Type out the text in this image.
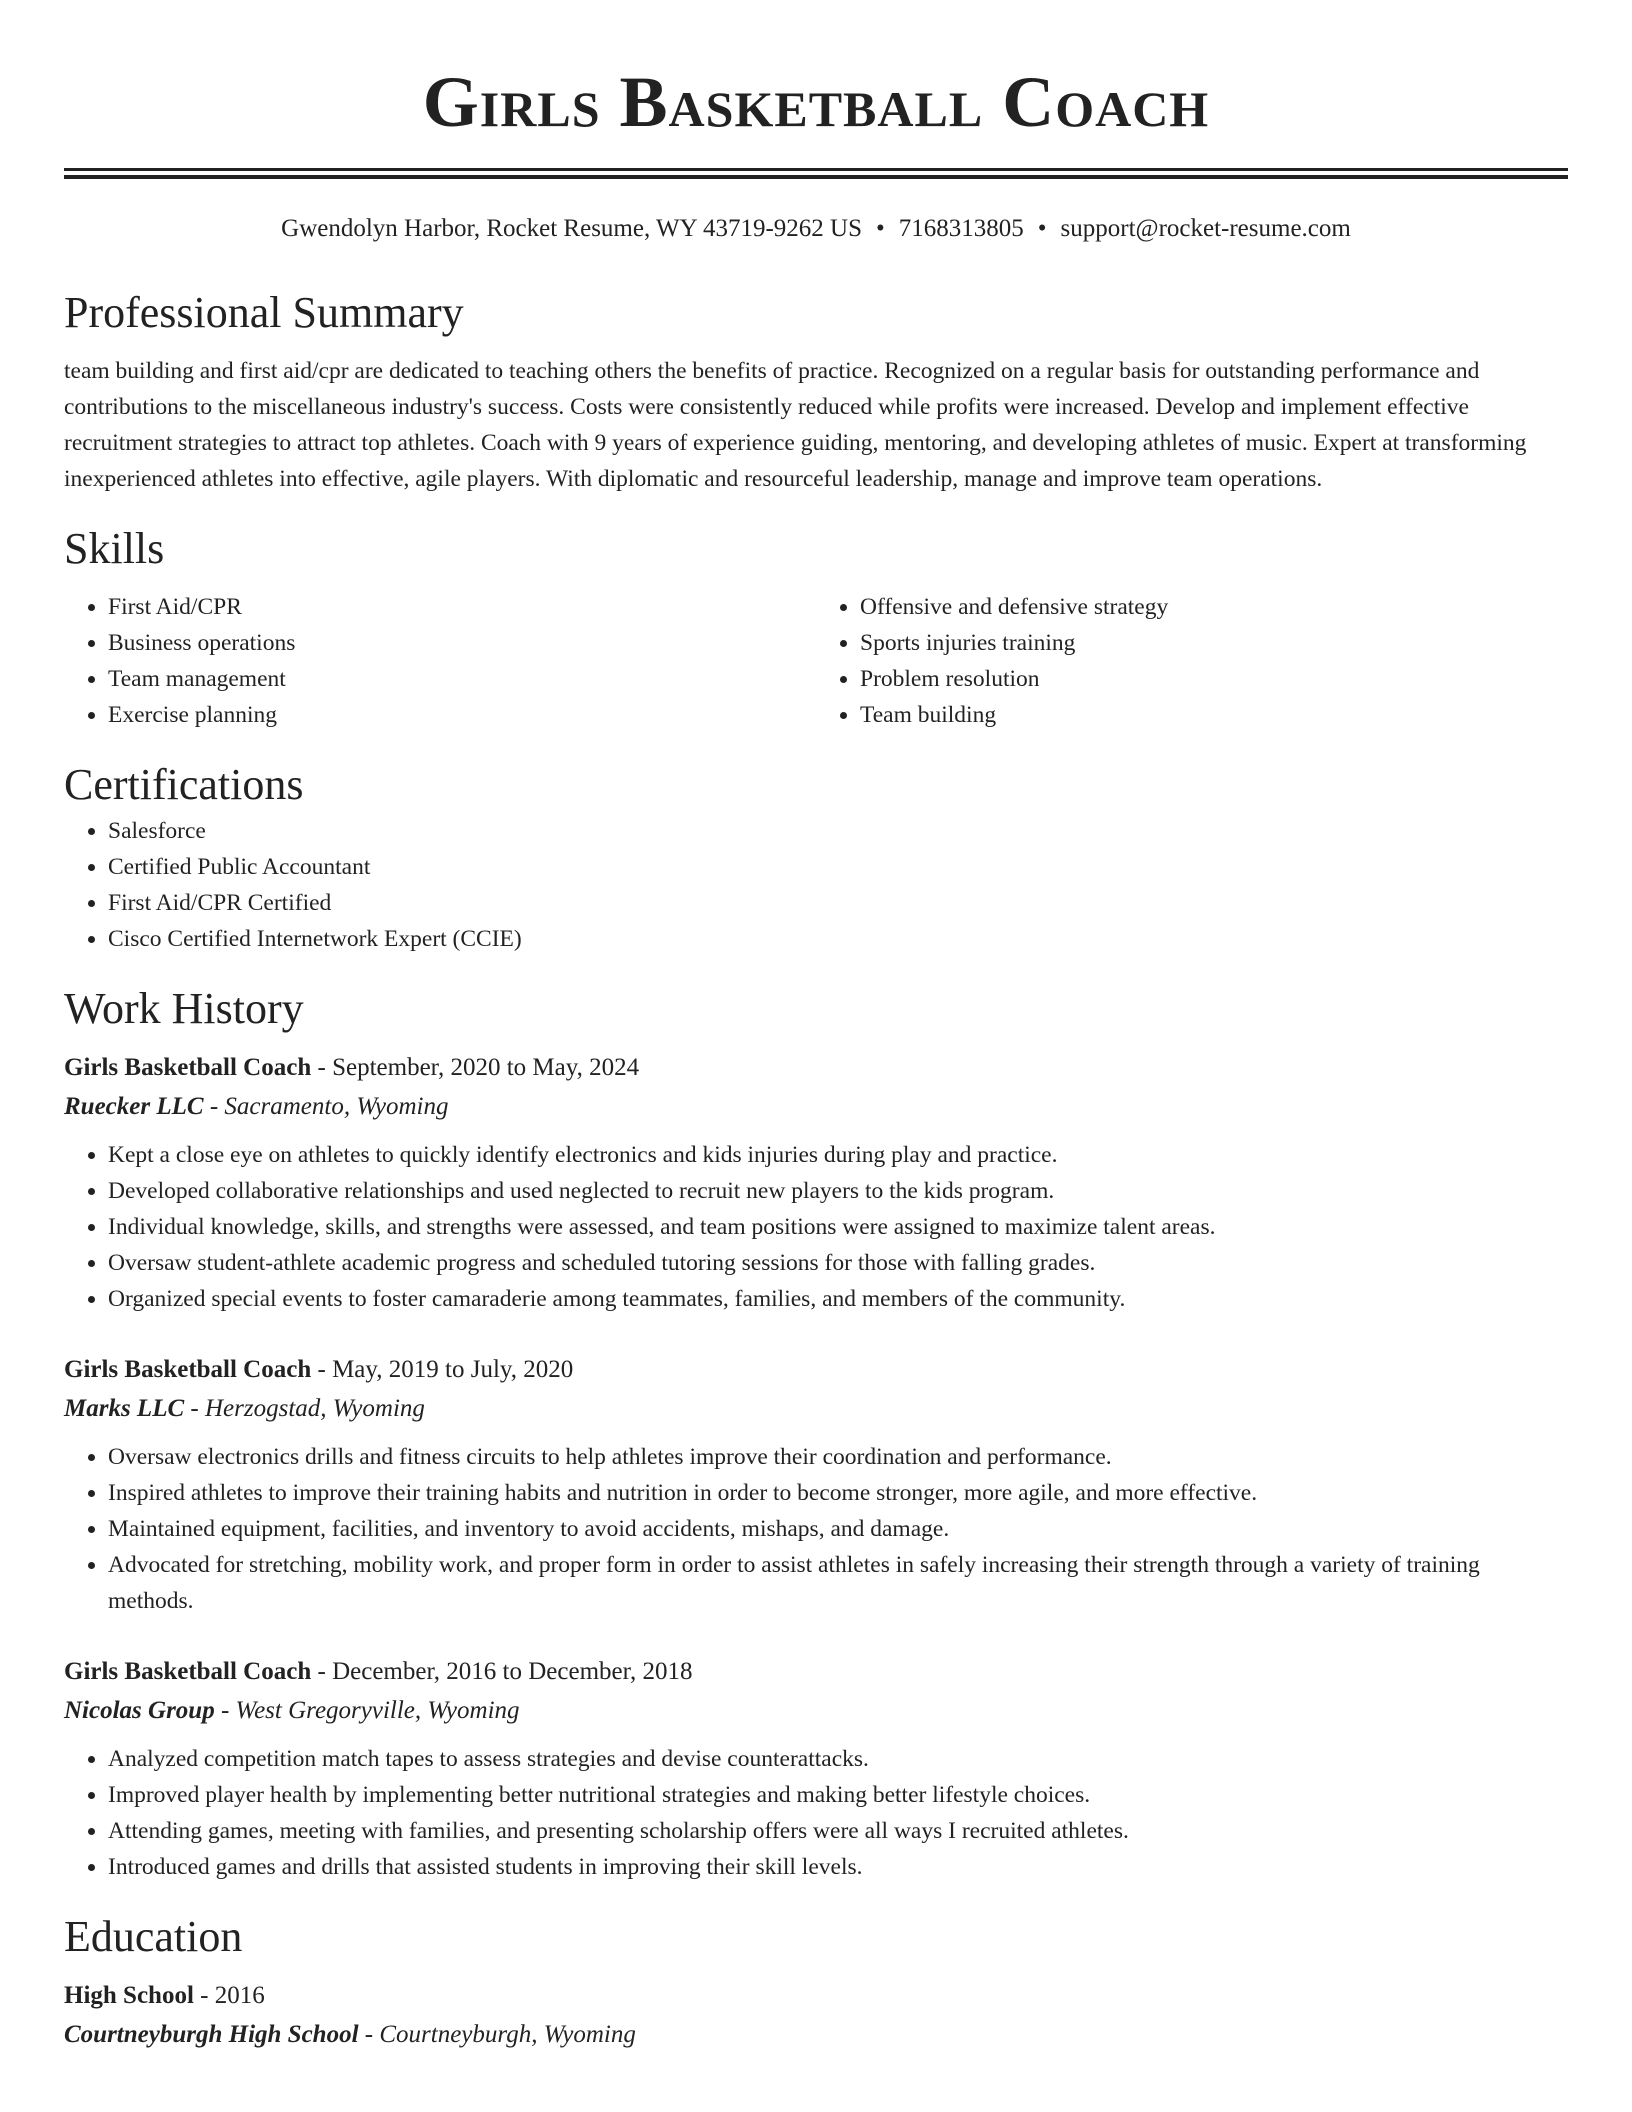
Girls Basketball Coach
Gwendolyn Harbor, Rocket Resume, WY 43719-9262 US • 7168313805 • support@rocket-resume.com
Professional Summary

team building and first aid/cpr are dedicated to teaching others the benefits of practice. Recognized on a regular basis for outstanding performance and contributions to the miscellaneous industry's success. Costs were consistently reduced while profits were increased. Develop and implement effective recruitment strategies to attract top athletes. Coach with 9 years of experience guiding, mentoring, and developing athletes of music. Expert at transforming inexperienced athletes into effective, agile players. With diplomatic and resourceful leadership, manage and improve team operations.

Skills
• First Aid/CPR
• Business operations
• Team management
• Exercise planning
• Offensive and defensive strategy
• Sports injuries training
• Problem resolution
• Team building
Certifications
• Salesforce
• Certified Public Accountant
• First Aid/CPR Certified
• Cisco Certified Internetwork Expert (CCIE)
Work History
Girls Basketball Coach - September, 2020 to May, 2024
Ruecker LLC - Sacramento, Wyoming
• Kept a close eye on athletes to quickly identify electronics and kids injuries during play and practice.
• Developed collaborative relationships and used neglected to recruit new players to the kids program.
• Individual knowledge, skills, and strengths were assessed, and team positions were assigned to maximize talent areas.
• Oversaw student-athlete academic progress and scheduled tutoring sessions for those with falling grades.
• Organized special events to foster camaraderie among teammates, families, and members of the community.
Girls Basketball Coach - May, 2019 to July, 2020
Marks LLC - Herzogstad, Wyoming
• Oversaw electronics drills and fitness circuits to help athletes improve their coordination and performance.
• Inspired athletes to improve their training habits and nutrition in order to become stronger, more agile, and more effective.
• Maintained equipment, facilities, and inventory to avoid accidents, mishaps, and damage.
• Advocated for stretching, mobility work, and proper form in order to assist athletes in safely increasing their strength through a variety of training methods.
Girls Basketball Coach - December, 2016 to December, 2018
Nicolas Group - West Gregoryville, Wyoming
• Analyzed competition match tapes to assess strategies and devise counterattacks.
• Improved player health by implementing better nutritional strategies and making better lifestyle choices.
• Attending games, meeting with families, and presenting scholarship offers were all ways I recruited athletes.
• Introduced games and drills that assisted students in improving their skill levels.
Education
High School - 2016
Courtneyburgh High School - Courtneyburgh, Wyoming
